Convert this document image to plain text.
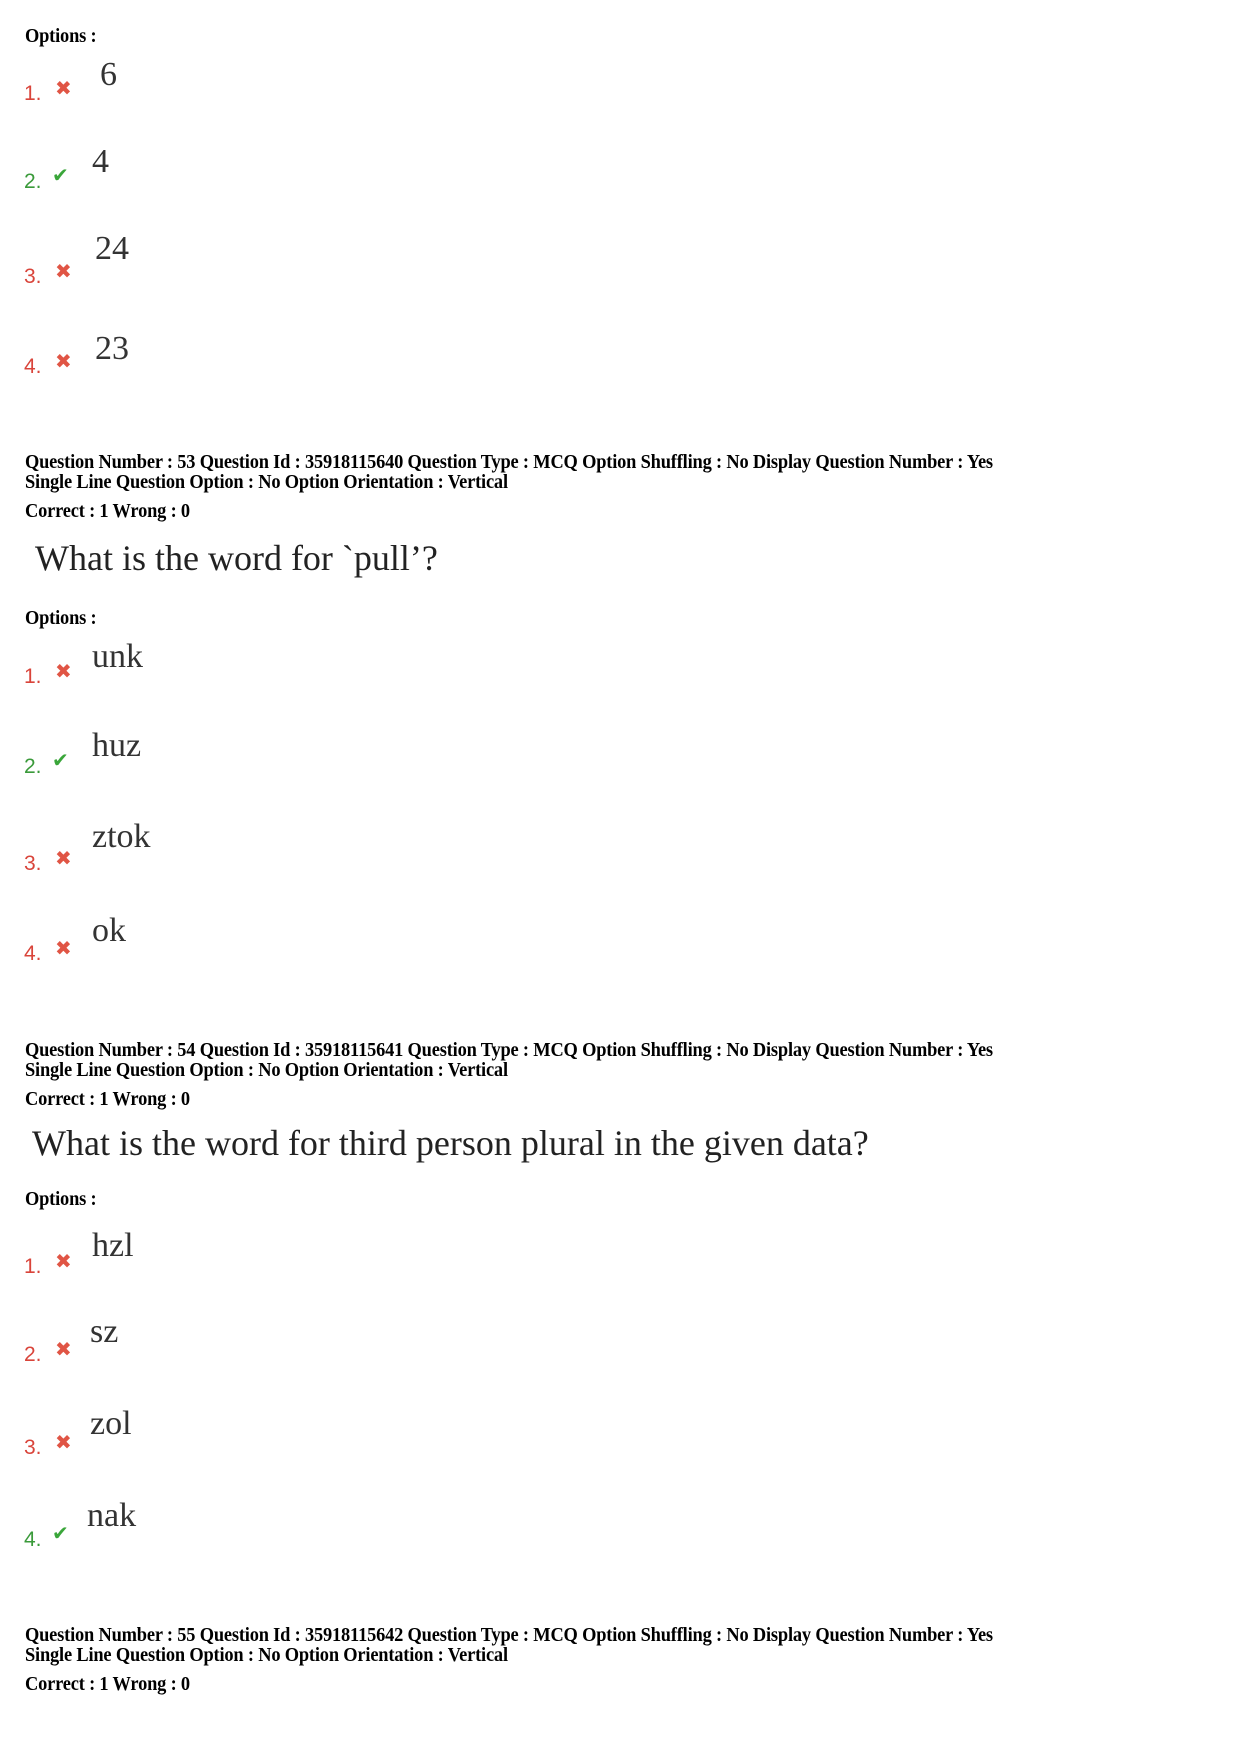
Options :
1. ✖ 6
2. ✔ 4
3. ✖
24
4. ✖ 23
Question Number : 53 Question Id : 35918115640 Question Type : MCQ Option Shuffling : No Display Question Number : Yes
Single Line Question Option : No Option Orientation : Vertical
Correct : 1 Wrong : 0
What is the word for `pull’?
Options :
1. ✖ unk
2. ✔ huz
3. ✖
ztok
4. ✖ ok
Question Number : 54 Question Id : 35918115641 Question Type : MCQ Option Shuffling : No Display Question Number : Yes
Single Line Question Option : No Option Orientation : Vertical
Correct : 1 Wrong : 0
What is the word for third person plural in the given data?
Options :
1. ✖ hzl
2. ✖ sz
3. ✖ zol
4. ✔ nak
Question Number : 55 Question Id : 35918115642 Question Type : MCQ Option Shuffling : No Display Question Number : Yes
Single Line Question Option : No Option Orientation : Vertical
Correct : 1 Wrong : 0
